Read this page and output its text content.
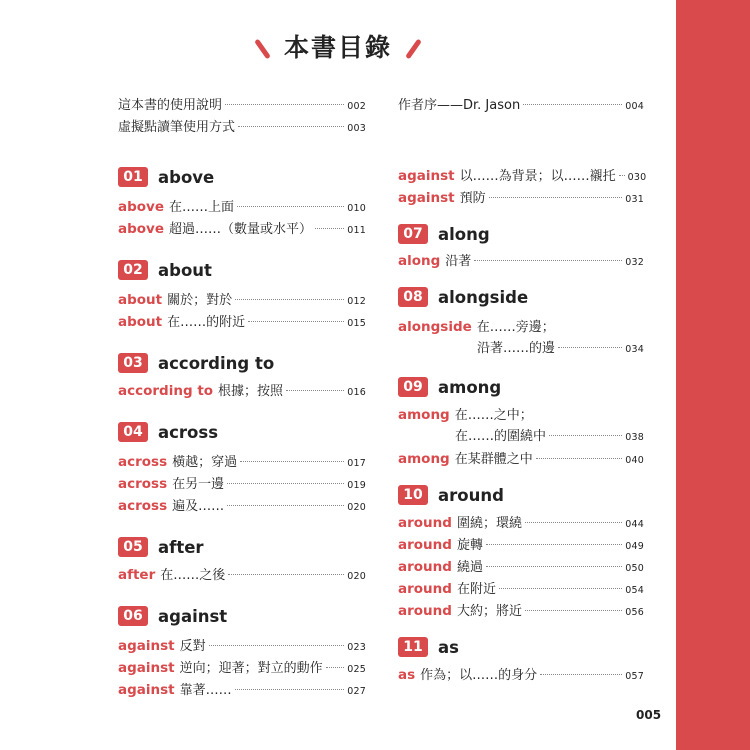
本書目錄
這本書的使用說明	002
虛擬點讀筆使用方式	003
01 above
above 在……上面	010
above 超過……（數量或水平）	011
02 about
about 關於；對於	012
about 在……的附近	015
03 according to
according to 根據；按照	016
04 across
across 橫越；穿過	017
across 在另一邊	019
across 遍及……	020
05 after
after 在……之後	020
06 against
against 反對	023
against 逆向；迎著；對立的動作	025
against 靠著……	027
作者序——Dr. Jason	004
against 以……為背景；以……襯托 030
against 預防	031
07 along
along 沿著	032
08 alongside
alongside 在……旁邊；
沿著……的邊	034
09 among
among 在……之中；
在……的圍繞中	038
among 在某群體之中	040
10 around
around 圍繞；環繞	044
around 旋轉	049
around 繞過	050
around 在附近	054
around 大約；將近	056
11 as
as 作為；以……的身分	057
005
